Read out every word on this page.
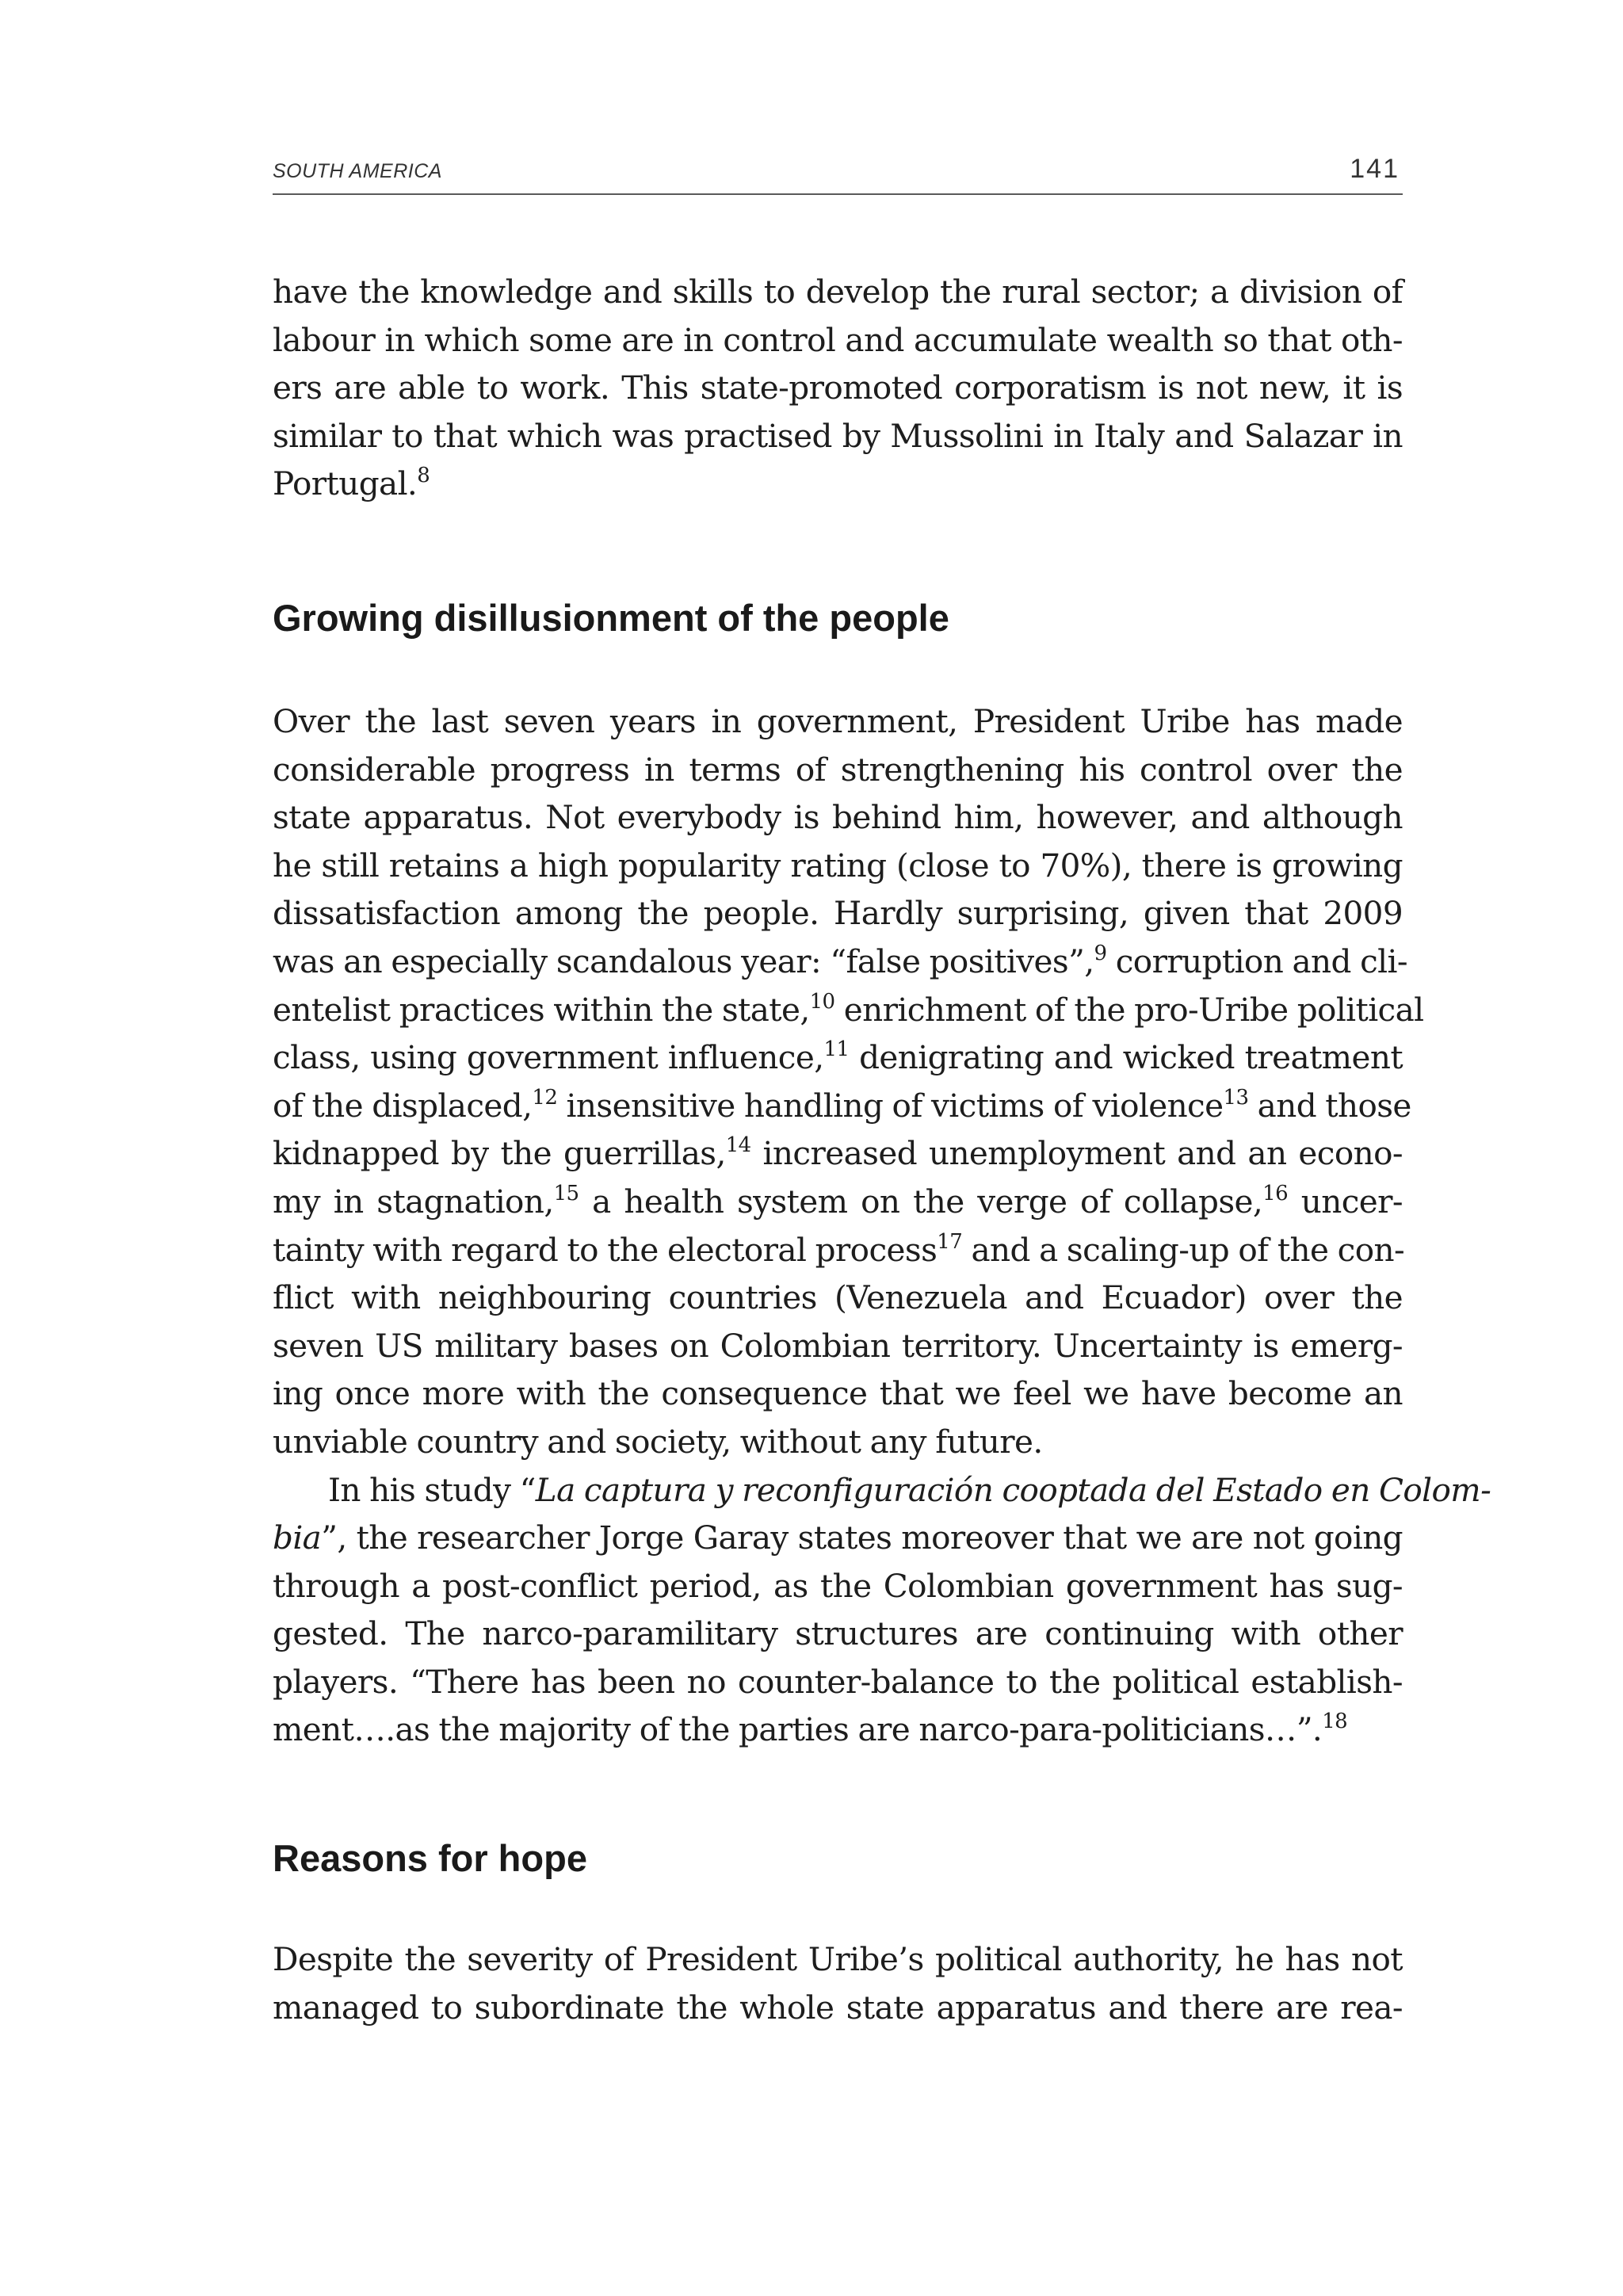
SOUTH AMERICA	141
have the knowledge and skills to develop the rural sector; a division of
labour in which some are in control and accumulate wealth so that oth-
ers are able to work. This state-promoted corporatism is not new, it is
similar to that which was practised by Mussolini in Italy and Salazar in
Portugal.$^8$
Growing disillusionment of the people
Over the last seven years in government, President Uribe has made
considerable progress in terms of strengthening his control over the
state apparatus. Not everybody is behind him, however, and although
he still retains a high popularity rating (close to 70%), there is growing
dissatisfaction among the people. Hardly surprising, given that 2009
was an especially scandalous year: “false positives”,$^9$ corruption and cli-
entelist practices within the state,$^{10}$ enrichment of the pro-Uribe political
class, using government influence,$^{11}$ denigrating and wicked treatment
of the displaced,$^{12}$ insensitive handling of victims of violence$^{13}$ and those
kidnapped by the guerrillas,$^{14}$ increased unemployment and an econo-
my in stagnation,$^{15}$ a health system on the verge of collapse,$^{16}$ uncer-
tainty with regard to the electoral process$^{17}$ and a scaling-up of the con-
flict with neighbouring countries (Venezuela and Ecuador) over the
seven US military bases on Colombian territory. Uncertainty is emerg-
ing once more with the consequence that we feel we have become an
unviable country and society, without any future.
In his study “La captura y reconfiguración cooptada del Estado en Colom-
bia”, the researcher Jorge Garay states moreover that we are not going
through a post-conflict period, as the Colombian government has sug-
gested. The narco-paramilitary structures are continuing with other
players. “There has been no counter-balance to the political establish-
ment….as the majority of the parties are narco-para-politicians…”.$^{18}$
Reasons for hope
Despite the severity of President Uribe’s political authority, he has not
managed to subordinate the whole state apparatus and there are rea-
